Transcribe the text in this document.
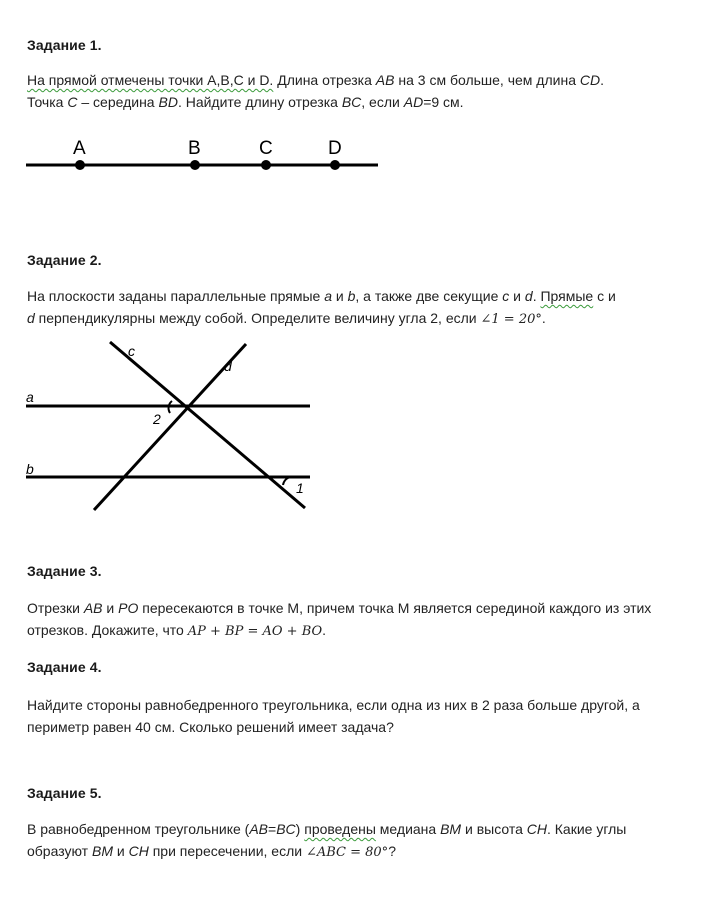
Задание 1.
На прямой отмечены точки A,B,C и D. Длина отрезка AB на 3 см больше, чем длина CD.
Точка C – середина BD. Найдите длину отрезка BC, если AD=9 см.
A	B	C	D
Задание 2.
На плоскости заданы параллельные прямые a и b, а также две секущие c и d. Прямые c и
d перпендикулярны между собой. Определите величину угла 2, если ∠1 = 20°.
c
d
a
b
2
1
Задание 3.
Отрезки AB и PO пересекаются в точке М, причем точка М является серединой каждого из этих отрезков. Докажите, что AP + BP = AO + BO.
Задание 4.
Найдите стороны равнобедренного треугольника, если одна из них в 2 раза больше другой, а периметр равен 40 см. Сколько решений имеет задача?
Задание 5.
В равнобедренном треугольнике (AB=BC) проведены медиана BM и высота CH. Какие углы образуют BM и CH при пересечении, если ∠ABC = 80°?
